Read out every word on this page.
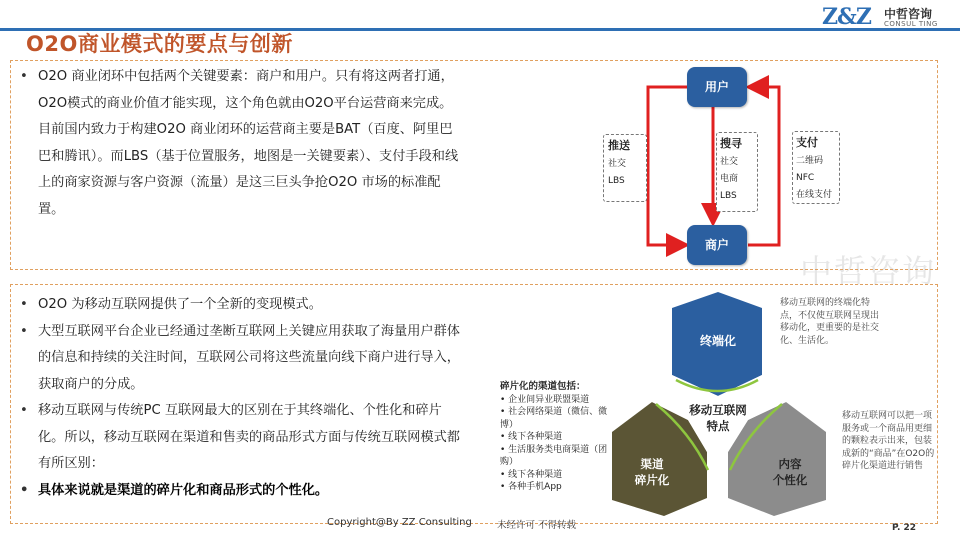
O2O商业模式的要点与创新
Z&Z 中哲咨询
CONSUL TING
中哲咨询
• O2O 商业闭环中包括两个关键要素：商户和用户。只有将这两者打通，O2O模式的商业价值才能实现，这个角色就由O2O平台运营商来完成。目前国内致力于构建O2O 商业闭环的运营商主要是BAT（百度、阿里巴巴和腾讯）。而LBS（基于位置服务，地图是一关键要素）、支付手段和线上的商家资源与客户资源（流量）是这三巨头争抢O2O 市场的标准配置。
• O2O 为移动互联网提供了一个全新的变现模式。
• 大型互联网平台企业已经通过垄断互联网上关键应用获取了海量用户群体的信息和持续的关注时间，互联网公司将这些流量向线下商户进行导入，获取商户的分成。
• 移动互联网与传统PC 互联网最大的区别在于其终端化、个性化和碎片化。所以，移动互联网在渠道和售卖的商品形式方面与传统互联网模式都有所区别：
• 具体来说就是渠道的碎片化和商品形式的个性化。
用户
商户
推送
社交
LBS
搜寻
社交
电商
LBS
支付
二维码
NFC
在线支付
终端化
移动互联网
特点
渠道
碎片化
内容
个性化
碎片化的渠道包括：
• 企业间异业联盟渠道
• 社会网络渠道（微信、微博）
• 线下各种渠道
• 生活服务类电商渠道（团购）
• 线下各种渠道
• 各种手机App
移动互联网的终端化特点，不仅使互联网呈现出移动化，更重要的是社交化、生活化。
移动互联网可以把一项服务或一个商品用更细的颗粒表示出来，包装成新的“商品”在O2O的碎片化渠道进行销售
Copyright@By ZZ Consulting	未经许可 不得转载	P. 22
